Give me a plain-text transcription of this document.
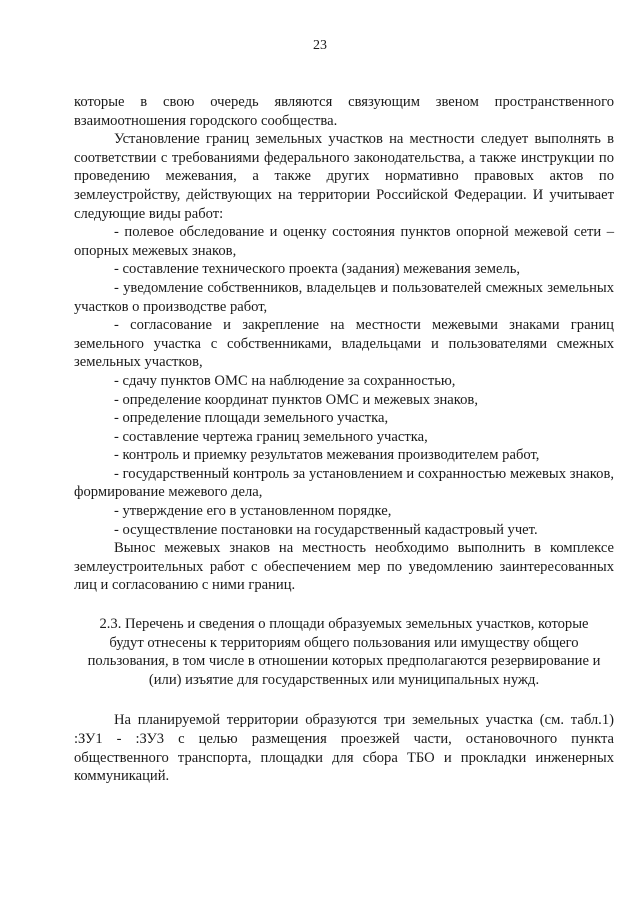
23

которые в свою очередь являются связующим звеном пространственного взаимоотношения городского сообщества.

Установление границ земельных участков на местности следует выполнять в соответствии с требованиями федерального законодательства, а также инструкции по проведению межевания, а также других нормативно правовых актов по землеустройству, действующих на территории Российской Федерации. И учитывает следующие виды работ:

- полевое обследование и оценку состояния пунктов опорной межевой сети – опорных межевых знаков,

- составление технического проекта (задания) межевания земель,

- уведомление собственников, владельцев и пользователей смежных земельных участков о производстве работ,

- согласование и закрепление на местности межевыми знаками границ земельного участка с собственниками, владельцами и пользователями смежных земельных участков,

- сдачу пунктов ОМС на наблюдение за сохранностью,

- определение координат пунктов ОМС и межевых знаков,

- определение площади земельного участка,

- составление чертежа границ земельного участка,

- контроль и приемку результатов межевания производителем работ,

- государственный контроль за установлением и сохранностью межевых знаков, формирование межевого дела,

- утверждение его в установленном порядке,

- осуществление постановки на государственный кадастровый учет.

Вынос межевых знаков на местность необходимо выполнить в комплексе землеустроительных работ с обеспечением мер по уведомлению заинтересованных лиц и согласованию с ними границ.

2.3. Перечень и сведения о площади образуемых земельных участков, которые будут отнесены к территориям общего пользования или имуществу общего пользования, в том числе в отношении которых предполагаются резервирование и (или) изъятие для государственных или муниципальных нужд.

На планируемой территории образуются три земельных участка (см. табл.1) :ЗУ1 - :ЗУ3 с целью размещения проезжей части, остановочного пункта общественного транспорта, площадки для сбора ТБО и прокладки инженерных коммуникаций.
